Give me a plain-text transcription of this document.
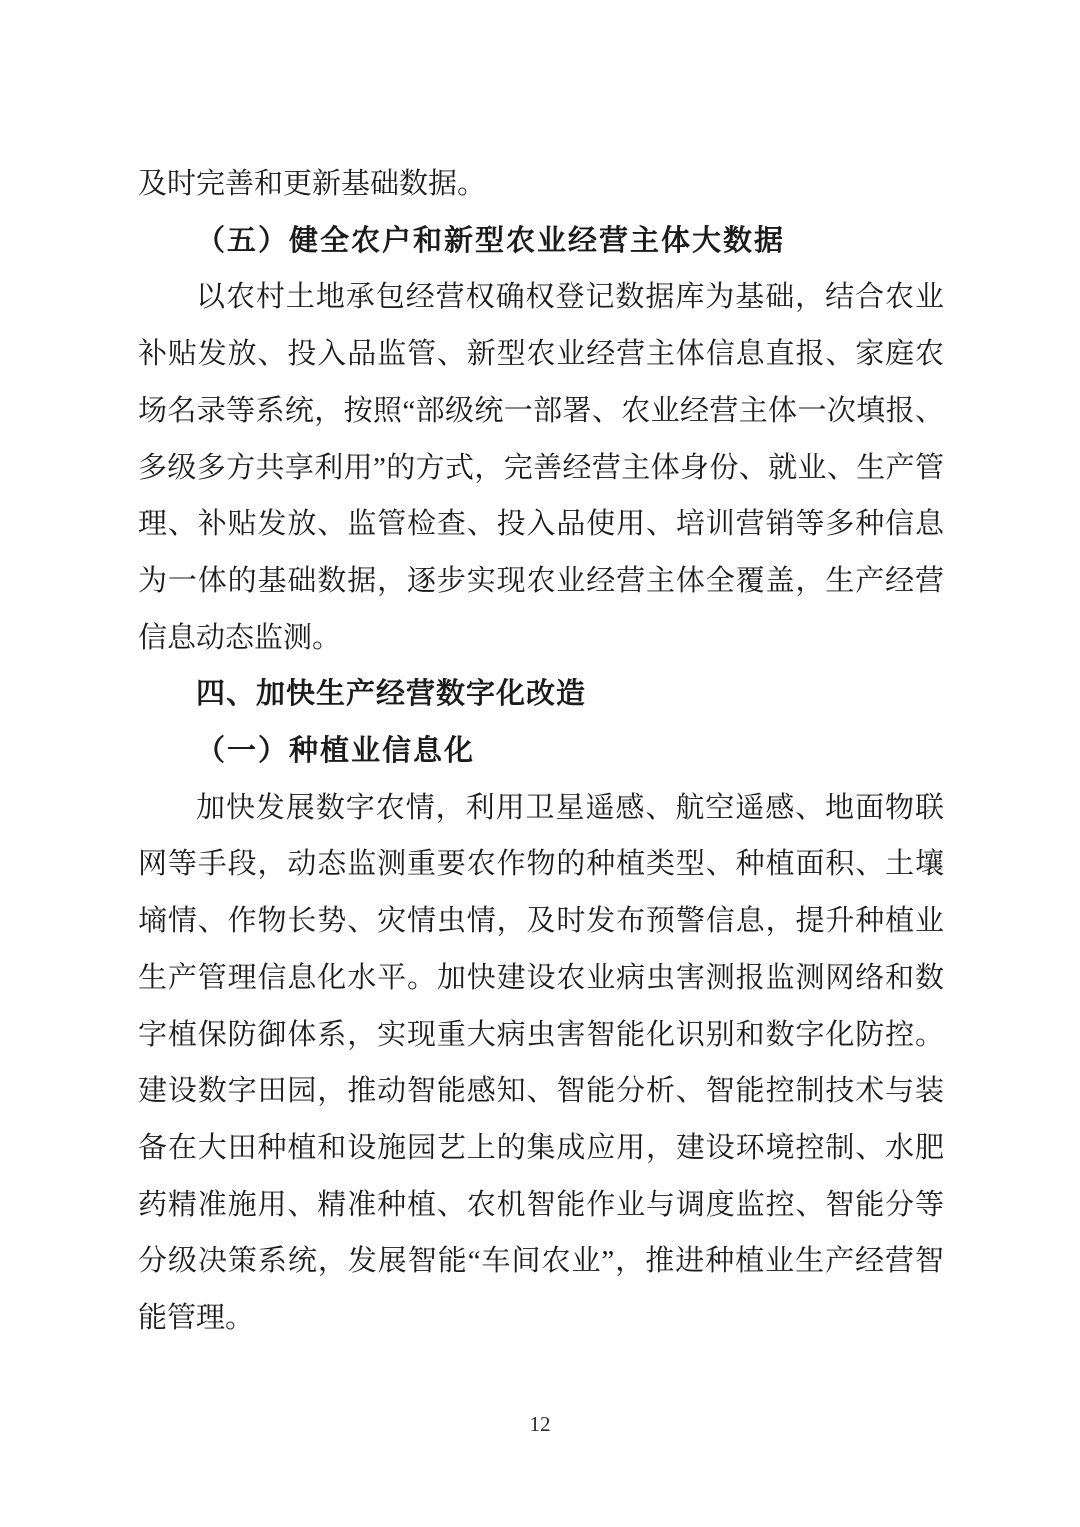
及时完善和更新基础数据。
（五）健全农户和新型农业经营主体大数据
以农村土地承包经营权确权登记数据库为基础，结合农业
补贴发放、投入品监管、新型农业经营主体信息直报、家庭农
场名录等系统，按照“部级统一部署、农业经营主体一次填报、
多级多方共享利用”的方式，完善经营主体身份、就业、生产管
理、补贴发放、监管检查、投入品使用、培训营销等多种信息
为一体的基础数据，逐步实现农业经营主体全覆盖，生产经营
信息动态监测。
四、加快生产经营数字化改造
（一）种植业信息化
加快发展数字农情，利用卫星遥感、航空遥感、地面物联
网等手段，动态监测重要农作物的种植类型、种植面积、土壤
墒情、作物长势、灾情虫情，及时发布预警信息，提升种植业
生产管理信息化水平。加快建设农业病虫害测报监测网络和数
字植保防御体系，实现重大病虫害智能化识别和数字化防控。
建设数字田园，推动智能感知、智能分析、智能控制技术与装
备在大田种植和设施园艺上的集成应用，建设环境控制、水肥
药精准施用、精准种植、农机智能作业与调度监控、智能分等
分级决策系统，发展智能“车间农业”，推进种植业生产经营智
能管理。
12
